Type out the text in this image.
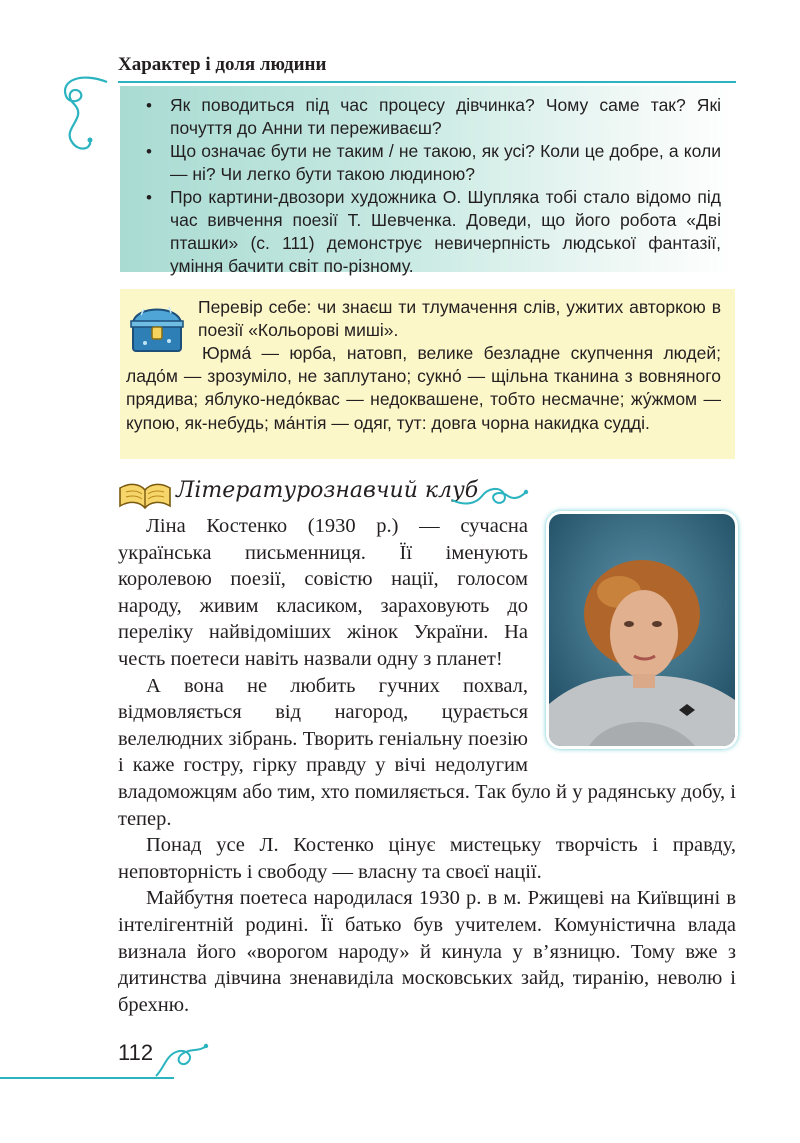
Характер і доля людини
• Як поводиться під час процесу дівчинка? Чому саме так? Які почуття до Анни ти переживаєш?
• Що означає бути не таким / не такою, як усі? Коли це добре, а коли — ні? Чи легко бути такою людиною?
• Про картини-двозори художника О. Шупляка тобі стало відомо під час вивчення поезії Т. Шевченка. Доведи, що його робота «Дві пташки» (с. 111) демонструє невичерпність людської фантазії, уміння бачити світ по-різному.

Перевір себе: чи знаєш ти тлумачення слів, ужитих авторкою в поезії «Кольорові миші».

Юрма́ — юрба, натовп, велике безладне скупчення людей; ладо́м — зрозуміло, не заплутано; сукно́ — щільна тканина з вовняного прядива; яблуко-недо́квас — недоквашене, тобто несмачне; жу́жмом — купою, як-небудь; ма́нтія — одяг, тут: довга чорна накидка судді.

Літературознавчий клуб

Ліна Костенко (1930 р.) — сучасна українська письменниця. Її іменують королевою поезії, совістю нації, голосом народу, живим класиком, зараховують до переліку найвідоміших жінок України. На честь поетеси навіть назвали одну з планет!

А вона не любить гучних похвал, відмовляється від нагород, цурається велелюдних зібрань. Творить геніальну поезію і каже гостру, гірку правду у вічі недолугим владоможцям або тим, хто помиляється. Так було й у радянську добу, і тепер.

Понад усе Л. Костенко цінує мистецьку творчість і правду, неповторність і свободу — власну та своєї нації.

Майбутня поетеса народилася 1930 р. в м. Ржищеві на Київщині в інтелігентній родині. Її батько був учителем. Комуністична влада визнала його «ворогом народу» й кинула у в’язницю. Тому вже з дитинства дівчина зненавиділа московських зайд, тиранію, неволю і брехню.

112
